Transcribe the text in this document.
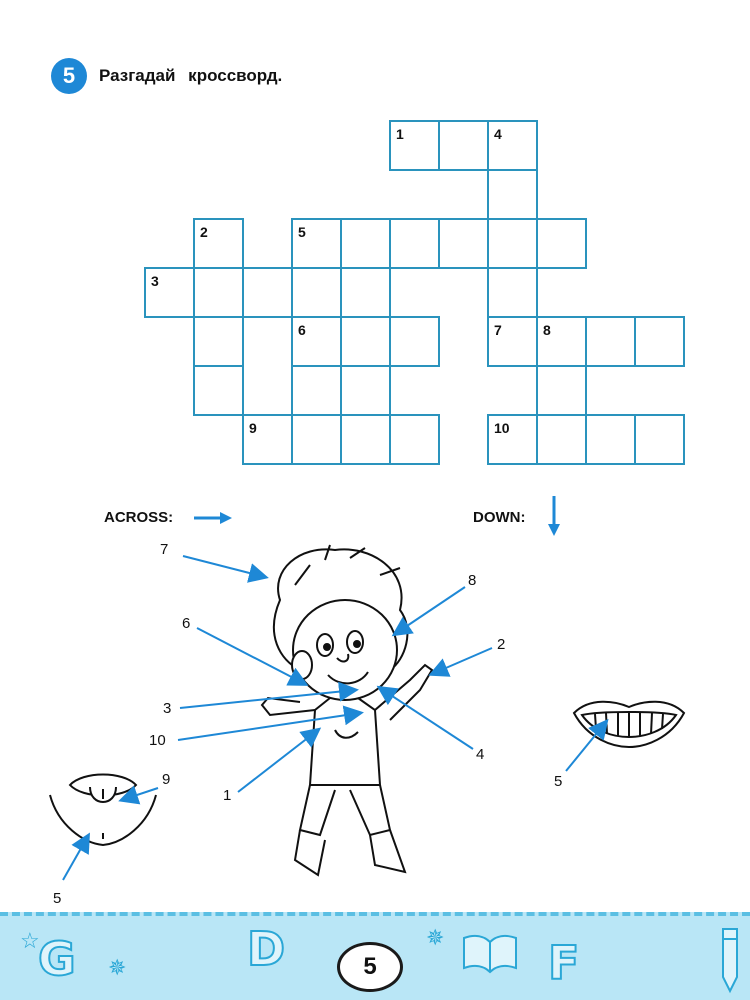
5	Разгадай кроссворд.
1	4
2	5
3
6	7	8
9	10
ACROSS:	DOWN:
7
8
6
2
3
4
10
1
5
9
5
☆
G ✵	D	✵ F
5
